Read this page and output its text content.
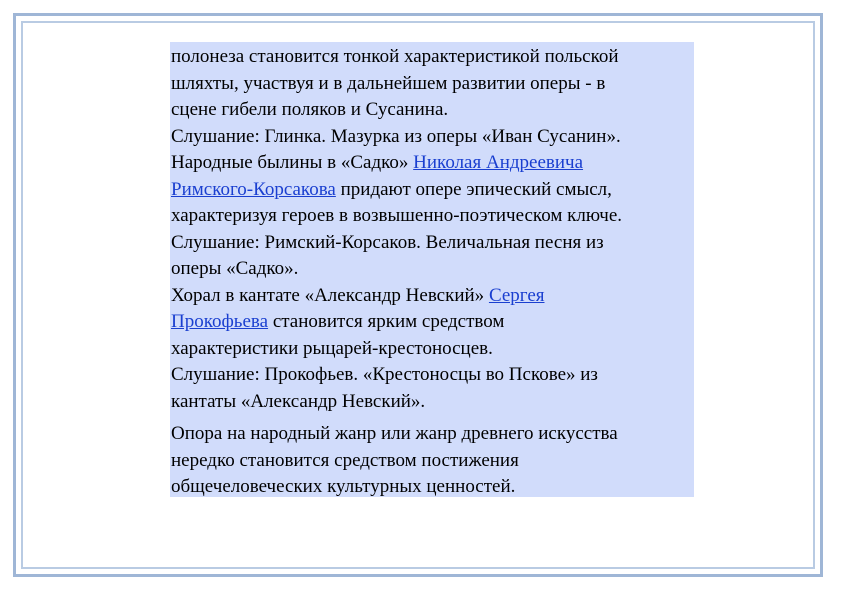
полонеза становится тонкой характеристикой польской
шляхты, участвуя и в дальнейшем развитии оперы - в
сцене гибели поляков и Сусанина.
Слушание: Глинка. Мазурка из оперы «Иван Сусанин».
Народные былины в «Садко» Николая Андреевича
Римского-Корсакова придают опере эпический смысл,
характеризуя героев в возвышенно-поэтическом ключе.
Слушание: Римский-Корсаков. Величальная песня из
оперы «Садко».
Хорал в кантате «Александр Невский» Сергея
Прокофьева становится ярким средством
характеристики рыцарей-крестоносцев.
Слушание: Прокофьев. «Крестоносцы во Пскове» из
кантаты «Александр Невский».
Опора на народный жанр или жанр древнего искусства
нередко становится средством постижения
общечеловеческих культурных ценностей.
